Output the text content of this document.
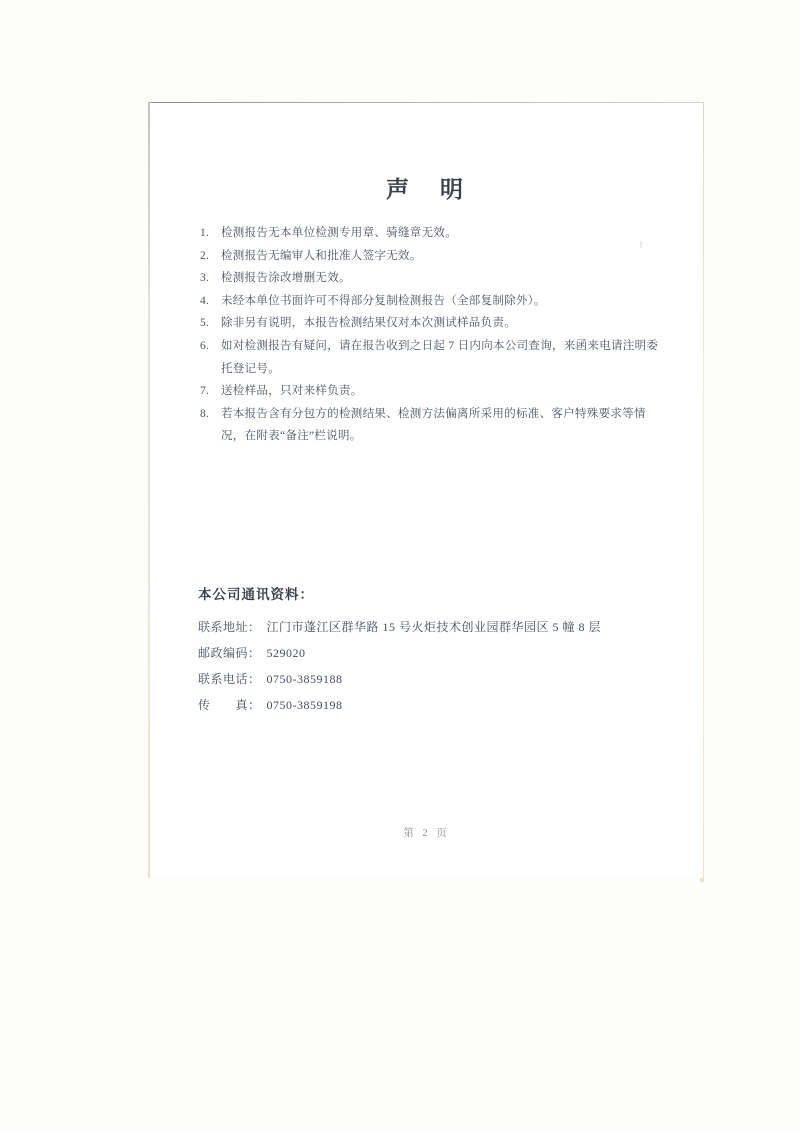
声　明
1.	检测报告无本单位检测专用章、骑缝章无效。
2.	检测报告无编审人和批准人签字无效。
3.	检测报告涂改增删无效。
4.	未经本单位书面许可不得部分复制检测报告（全部复制除外）。
5.	除非另有说明，本报告检测结果仅对本次测试样品负责。
6.	如对检测报告有疑问，请在报告收到之日起 7 日内向本公司查询，来函来电请注明委托登记号。
7.	送检样品，只对来样负责。
8.	若本报告含有分包方的检测结果、检测方法偏离所采用的标准、客户特殊要求等情况，在附表“备注”栏说明。
本公司通讯资料：
联系地址： 江门市蓬江区群华路 15 号火炬技术创业园群华园区 5 幢 8 层
邮政编码： 529020
联系电话： 0750-3859188
传　　真： 0750-3859198
第 2 页
